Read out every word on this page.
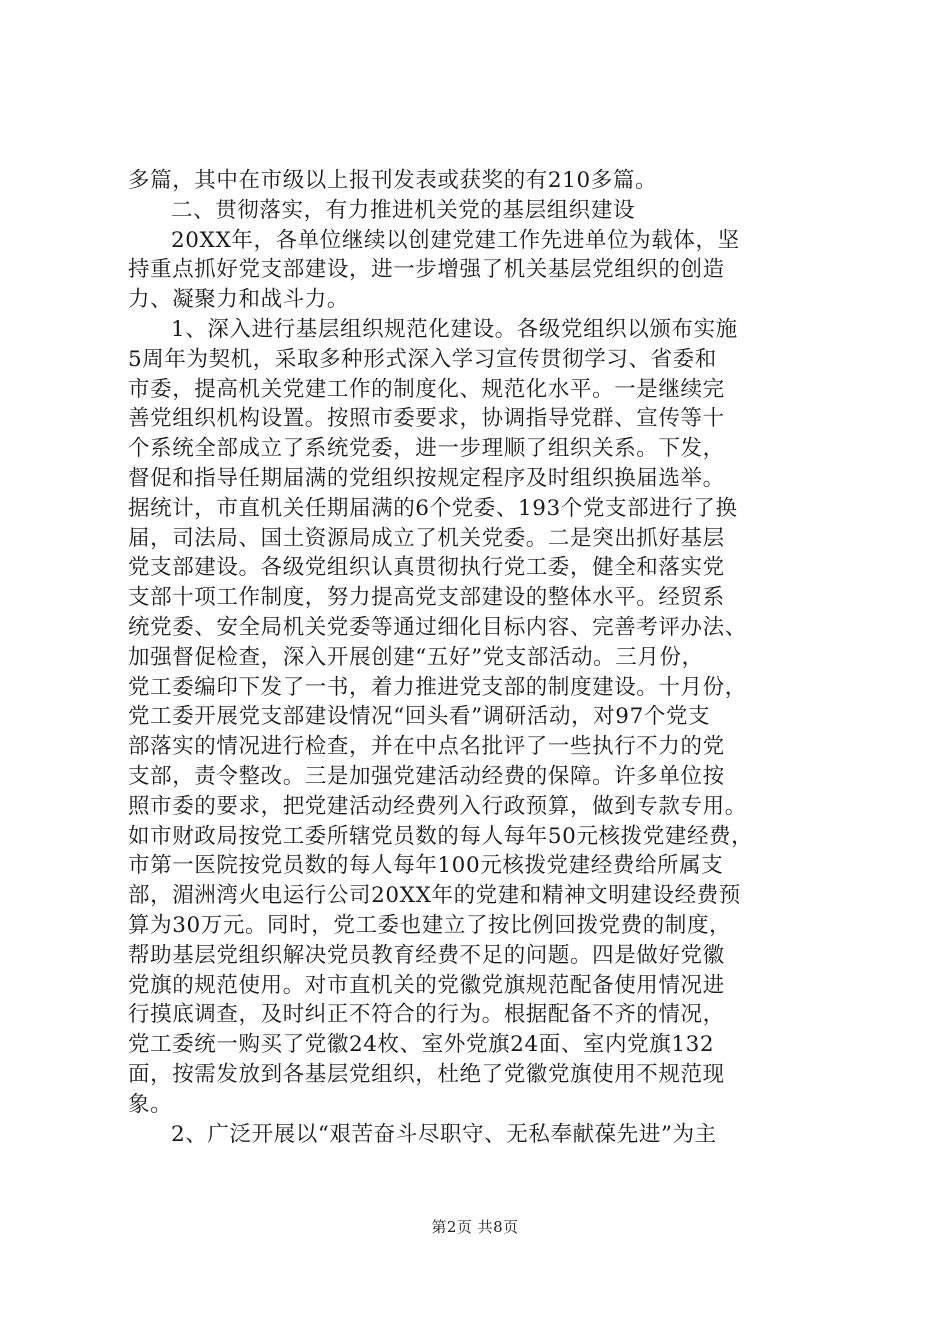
多篇，其中在市级以上报刊发表或获奖的有210多篇。
二、贯彻落实，有力推进机关党的基层组织建设
20XX年，各单位继续以创建党建工作先进单位为载体，坚
持重点抓好党支部建设，进一步增强了机关基层党组织的创造
力、凝聚力和战斗力。
1、深入进行基层组织规范化建设。各级党组织以颁布实施
5周年为契机，采取多种形式深入学习宣传贯彻学习、省委和
市委，提高机关党建工作的制度化、规范化水平。一是继续完
善党组织机构设置。按照市委要求，协调指导党群、宣传等十
个系统全部成立了系统党委，进一步理顺了组织关系。下发，
督促和指导任期届满的党组织按规定程序及时组织换届选举。
据统计，市直机关任期届满的6个党委、193个党支部进行了换
届，司法局、国土资源局成立了机关党委。二是突出抓好基层
党支部建设。各级党组织认真贯彻执行党工委，健全和落实党
支部十项工作制度，努力提高党支部建设的整体水平。经贸系
统党委、安全局机关党委等通过细化目标内容、完善考评办法、
加强督促检查，深入开展创建“五好”党支部活动。三月份，
党工委编印下发了一书，着力推进党支部的制度建设。十月份，
党工委开展党支部建设情况“回头看”调研活动，对97个党支
部落实的情况进行检查，并在中点名批评了一些执行不力的党
支部，责令整改。三是加强党建活动经费的保障。许多单位按
照市委的要求，把党建活动经费列入行政预算，做到专款专用。
如市财政局按党工委所辖党员数的每人每年50元核拨党建经费，
市第一医院按党员数的每人每年100元核拨党建经费给所属支
部，湄洲湾火电运行公司20XX年的党建和精神文明建设经费预
算为30万元。同时，党工委也建立了按比例回拨党费的制度，
帮助基层党组织解决党员教育经费不足的问题。四是做好党徽
党旗的规范使用。对市直机关的党徽党旗规范配备使用情况进
行摸底调查，及时纠正不符合的行为。根据配备不齐的情况，
党工委统一购买了党徽24枚、室外党旗24面、室内党旗132
面，按需发放到各基层党组织，杜绝了党徽党旗使用不规范现
象。
2、广泛开展以“艰苦奋斗尽职守、无私奉献葆先进”为主
第2页 共8页
